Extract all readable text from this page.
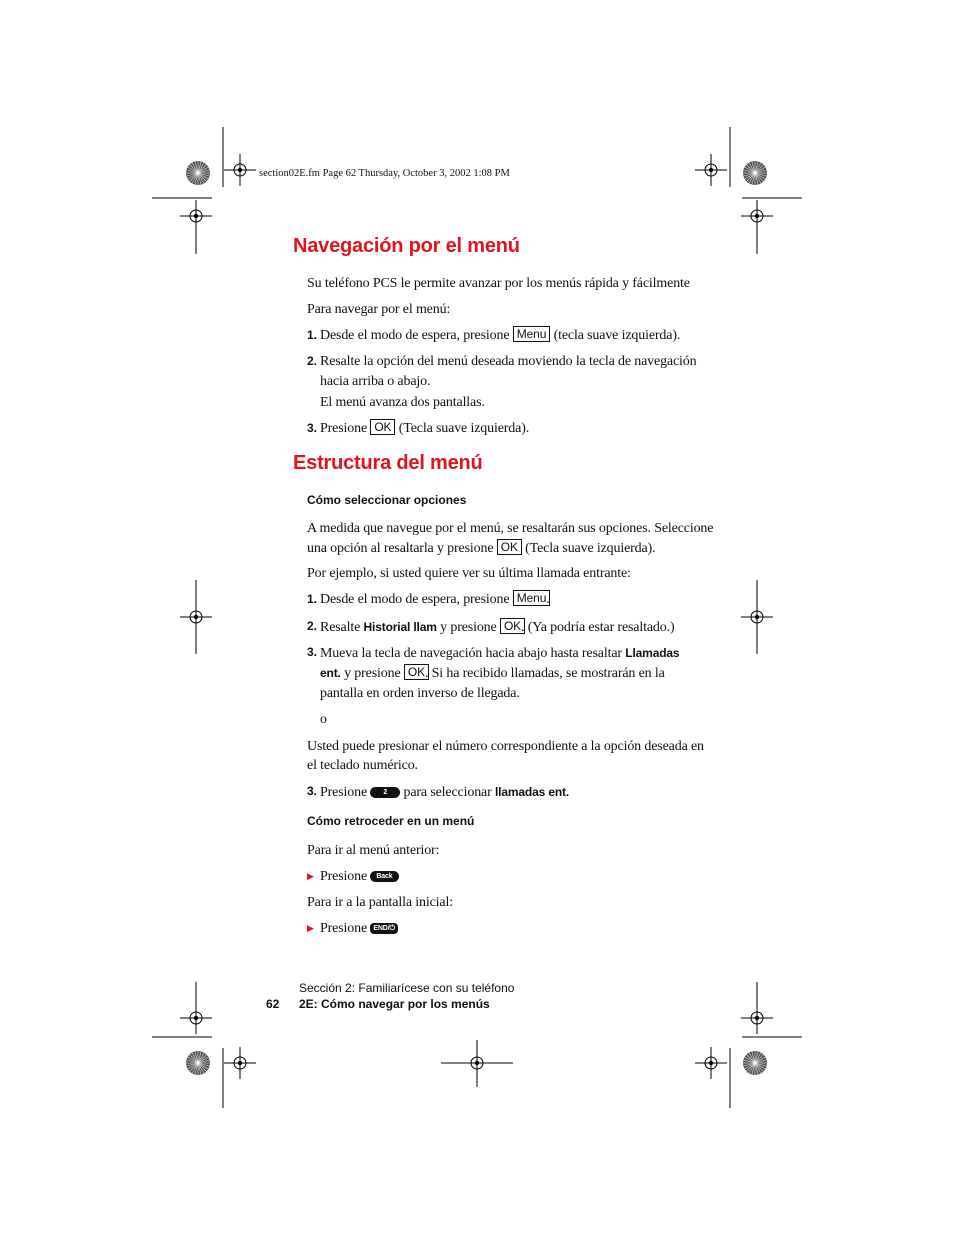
section02E.fm Page 62 Thursday, October 3, 2002 1:08 PM
Navegación por el menú
Su teléfono PCS le permite avanzar por los menús rápida y fácilmente
Para navegar por el menú:
1. Desde el modo de espera, presione Menu (tecla suave izquierda).
2. Resalte la opción del menú deseada moviendo la tecla de navegación
hacia arriba o abajo.
El menú avanza dos pantallas.
3. Presione OK (Tecla suave izquierda).
Estructura del menú
Cómo seleccionar opciones
A medida que navegue por el menú, se resaltarán sus opciones. Seleccione
una opción al resaltarla y presione OK (Tecla suave izquierda).
Por ejemplo, si usted quiere ver su última llamada entrante:
1. Desde el modo de espera, presione Menu.
2. Resalte Historial llam y presione OK. (Ya podría estar resaltado.)
3. Mueva la tecla de navegación hacia abajo hasta resaltar Llamadas
ent. y presione OK. Si ha recibido llamadas, se mostrarán en la
pantalla en orden inverso de llegada.
o
Usted puede presionar el número correspondiente a la opción deseada en
el teclado numérico.
3. Presione 2 para seleccionar llamadas ent.
Cómo retroceder en un menú
Para ir al menú anterior:
▶ Presione Back .
Para ir a la pantalla inicial:
▶ Presione END/⏻.
Sección 2: Familiarícese con su teléfono
62 2E: Cómo navegar por los menús
